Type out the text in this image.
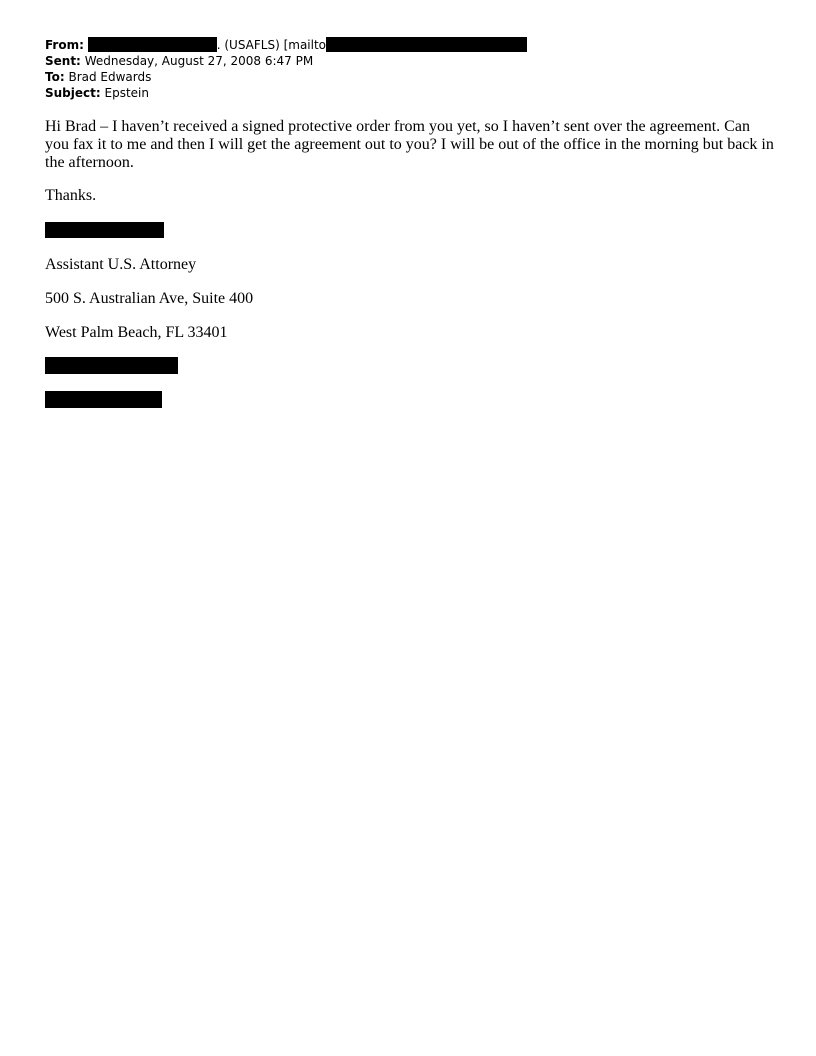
From:	. (USAFLS) [mailto
Sent: Wednesday, August 27, 2008 6:47 PM
To: Brad Edwards
Subject: Epstein
Hi Brad – I haven’t received a signed protective order from you yet, so I haven’t sent over the agreement. Can you fax it to me and then I will get the agreement out to you? I will be out of the office in the morning but back in the afternoon.
Thanks.
Assistant U.S. Attorney
500 S. Australian Ave, Suite 400
West Palm Beach, FL 33401
